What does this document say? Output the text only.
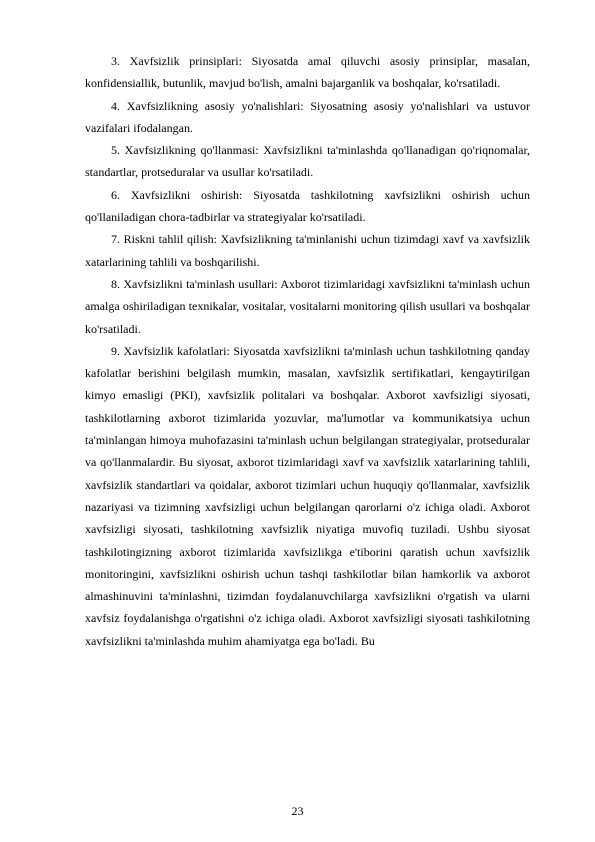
3. Xavfsizlik prinsiplari: Siyosatda amal qiluvchi asosiy prinsiplar, masalan, konfidensiallik, butunlik, mavjud bo'lish, amalni bajarganlik va boshqalar, ko'rsatiladi.

4. Xavfsizlikning asosiy yo'nalishlari: Siyosatning asosiy yo'nalishlari va ustuvor vazifalari ifodalangan.

5. Xavfsizlikning qo'llanmasi: Xavfsizlikni ta'minlashda qo'llanadigan qo'riqnomalar, standartlar, protseduralar va usullar ko'rsatiladi.

6. Xavfsizlikni oshirish: Siyosatda tashkilotning xavfsizlikni oshirish uchun qo'llaniladigan chora-tadbirlar va strategiyalar ko'rsatiladi.

7. Riskni tahlil qilish: Xavfsizlikning ta'minlanishi uchun tizimdagi xavf va xavfsizlik xatarlarining tahlili va boshqarilishi.

8. Xavfsizlikni ta'minlash usullari: Axborot tizimlaridagi xavfsizlikni ta'minlash uchun amalga oshiriladigan texnikalar, vositalar, vositalarni monitoring qilish usullari va boshqalar ko'rsatiladi.

9. Xavfsizlik kafolatlari: Siyosatda xavfsizlikni ta'minlash uchun tashkilotning qanday kafolatlar berishini belgilash mumkin, masalan, xavfsizlik sertifikatlari, kengaytirilgan kimyo emasligi (PKI), xavfsizlik politalari va boshqalar. Axborot xavfsizligi siyosati, tashkilotlarning axborot tizimlarida yozuvlar, ma'lumotlar va kommunikatsiya uchun ta'minlangan himoya muhofazasini ta'minlash uchun belgilangan strategiyalar, protseduralar va qo'llanmalardir. Bu siyosat, axborot tizimlaridagi xavf va xavfsizlik xatarlarining tahlili, xavfsizlik standartlari va qoidalar, axborot tizimlari uchun huquqiy qo'llanmalar, xavfsizlik nazariyasi va tizimning xavfsizligi uchun belgilangan qarorlarni o'z ichiga oladi. Axborot xavfsizligi siyosati, tashkilotning xavfsizlik niyatiga muvofiq tuziladi. Ushbu siyosat tashkilotingizning axborot tizimlarida xavfsizlikga e'tiborini qaratish uchun xavfsizlik monitoringini, xavfsizlikni oshirish uchun tashqi tashkilotlar bilan hamkorlik va axborot almashinuvini ta'minlashni, tizimdan foydalanuvchilarga xavfsizlikni o'rgatish va ularni xavfsiz foydalanishga o'rgatishni o'z ichiga oladi. Axborot xavfsizligi siyosati tashkilotning xavfsizlikni ta'minlashda muhim ahamiyatga ega bo'ladi. Bu

23
